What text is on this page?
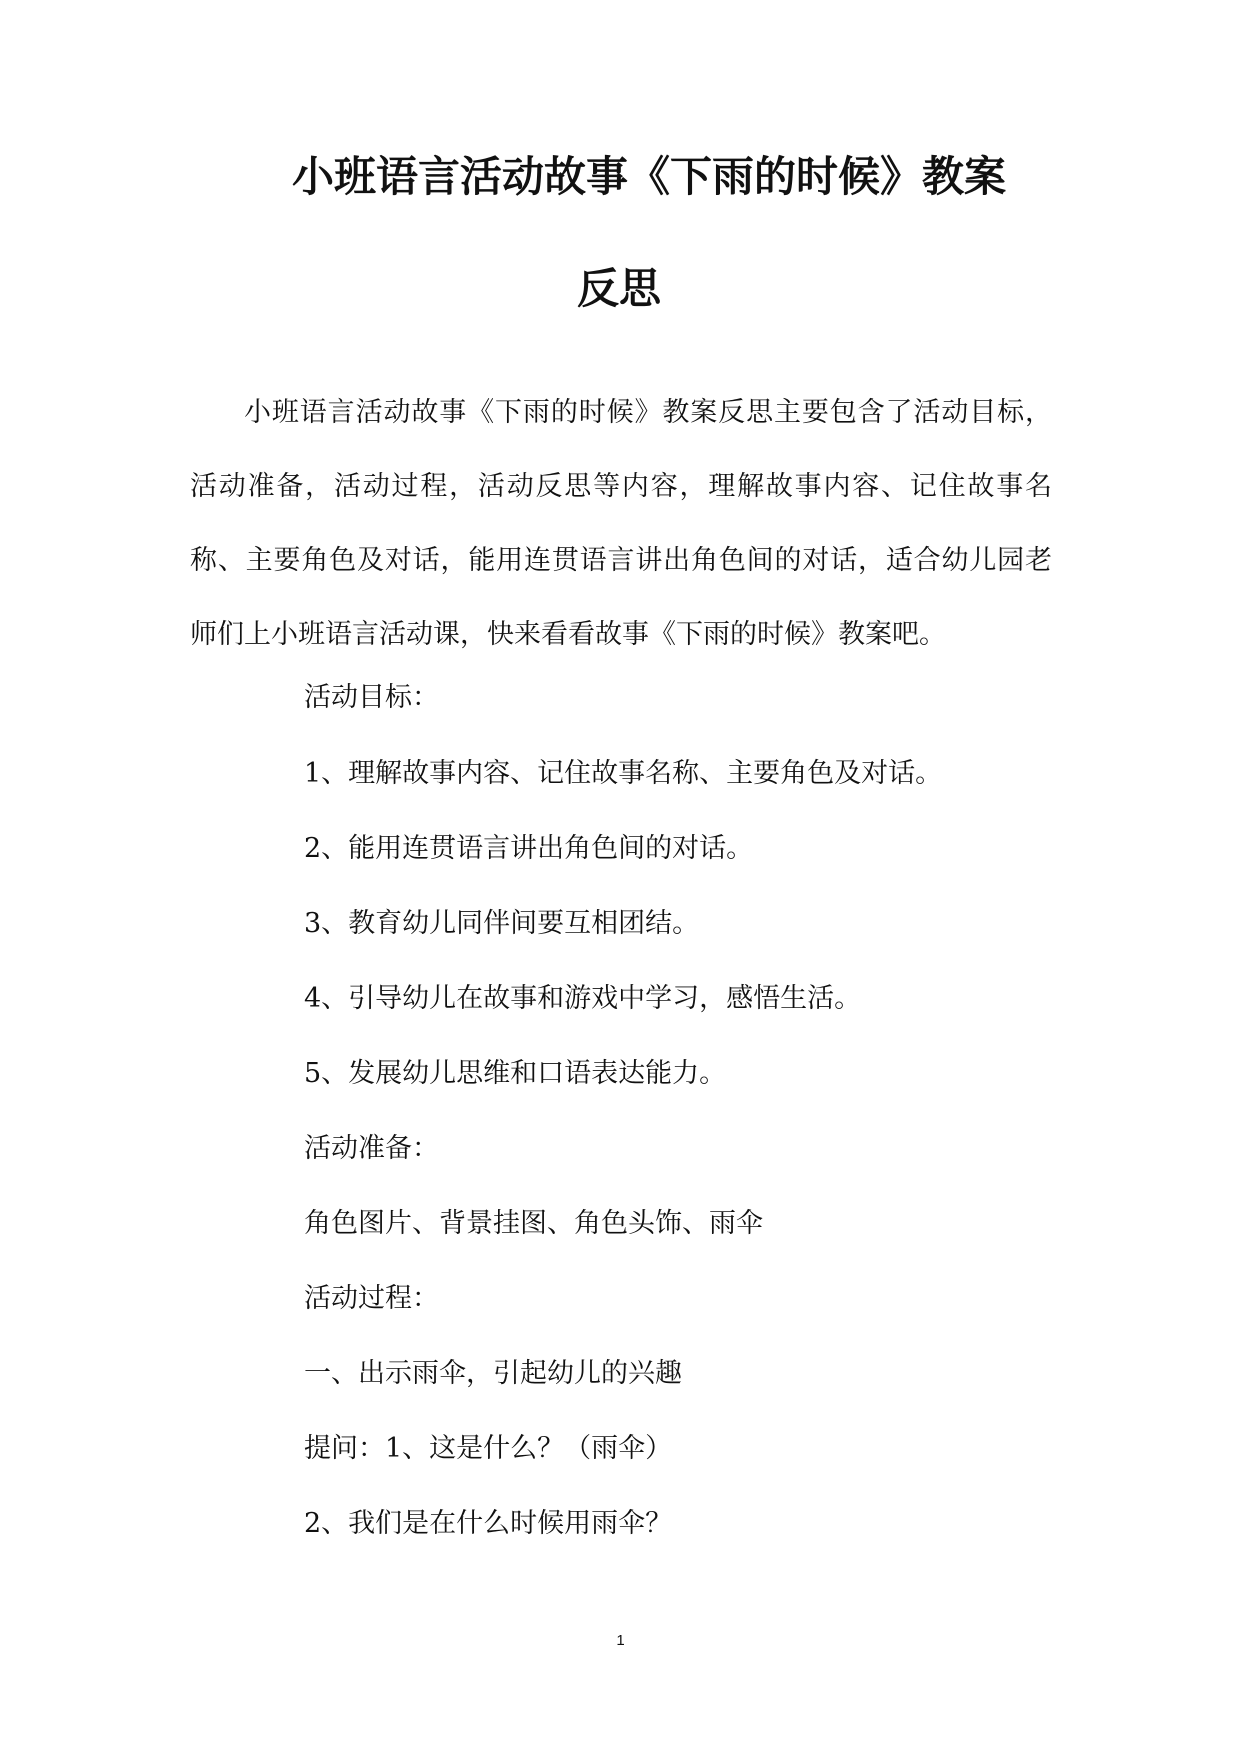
小班语言活动故事《下雨的时候》教案
反思

小班语言活动故事《下雨的时候》教案反思主要包含了活动目标，活动准备，活动过程，活动反思等内容，理解故事内容、记住故事名称、主要角色及对话，能用连贯语言讲出角色间的对话，适合幼儿园老师们上小班语言活动课，快来看看故事《下雨的时候》教案吧。

活动目标：

1、理解故事内容、记住故事名称、主要角色及对话。

2、能用连贯语言讲出角色间的对话。

3、教育幼儿同伴间要互相团结。

4、引导幼儿在故事和游戏中学习，感悟生活。

5、发展幼儿思维和口语表达能力。

活动准备：

角色图片、背景挂图、角色头饰、雨伞

活动过程：

一、出示雨伞，引起幼儿的兴趣

提问：1、这是什么？（雨伞）

2、我们是在什么时候用雨伞？

1
